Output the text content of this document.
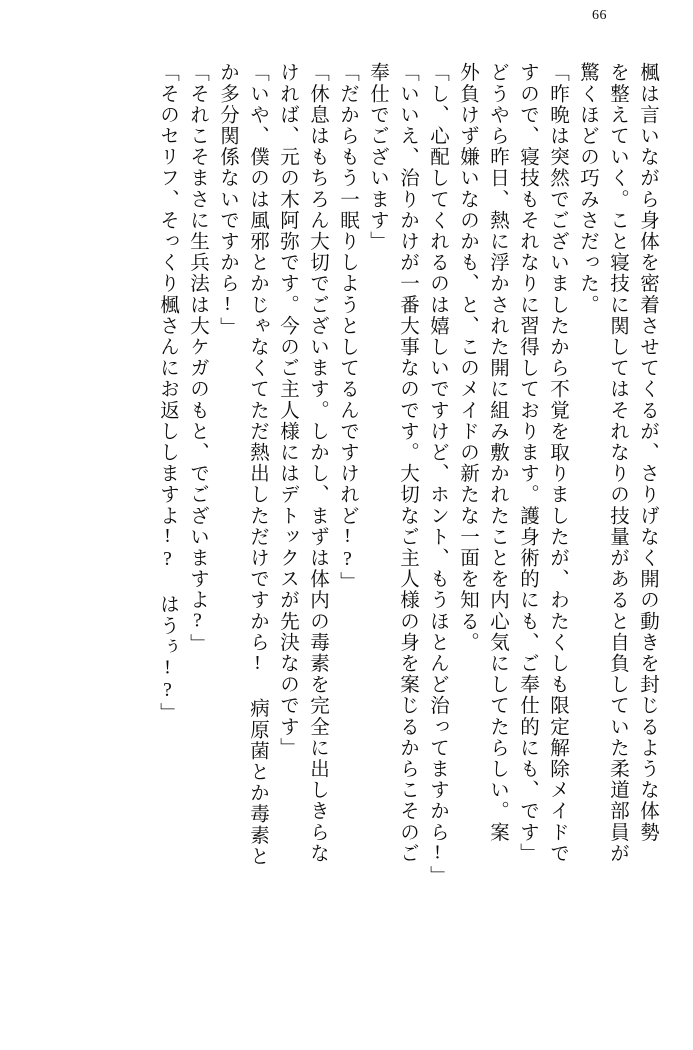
66
楓は言いながら身体を密着させてくるが、さりげなく開の動きを封じるような体勢
を整えていく。こと寝技に関してはそれなりの技量があると自負していた柔道部員が
驚くほどの巧みさだった。
「昨晩は突然でございましたから不覚を取りましたが、わたくしも限定解除メイドで
すので、寝技もそれなりに習得しております。護身術的にも、ご奉仕的にも、です」
どうやら昨日、熱に浮かされた開に組み敷かれたことを内心気にしてたらしい。案
外負けず嫌いなのかも、と、このメイドの新たな一面を知る。
「し、心配してくれるのは嬉しいですけど、ホント、もうほとんど治ってますから!」
「いいえ、治りかけが一番大事なのです。大切なご主人様の身を案じるからこそのご
奉仕でございます」
「だからもう一眠りしようとしてるんですけれど!?」
「休息はもちろん大切でございます。しかし、まずは体内の毒素を完全に出しきらな
ければ、元の木阿弥です。今のご主人様にはデトックスが先決なのです」
「いや、僕のは風邪とかじゃなくてただ熱出しただけですから! 病原菌とか毒素と
か多分関係ないですから!」
「それこそまさに生兵法は大ケガのもと、でございますよ?」
「そのセリフ、そっくり楓さんにお返ししますよ!? はうぅ!?」
